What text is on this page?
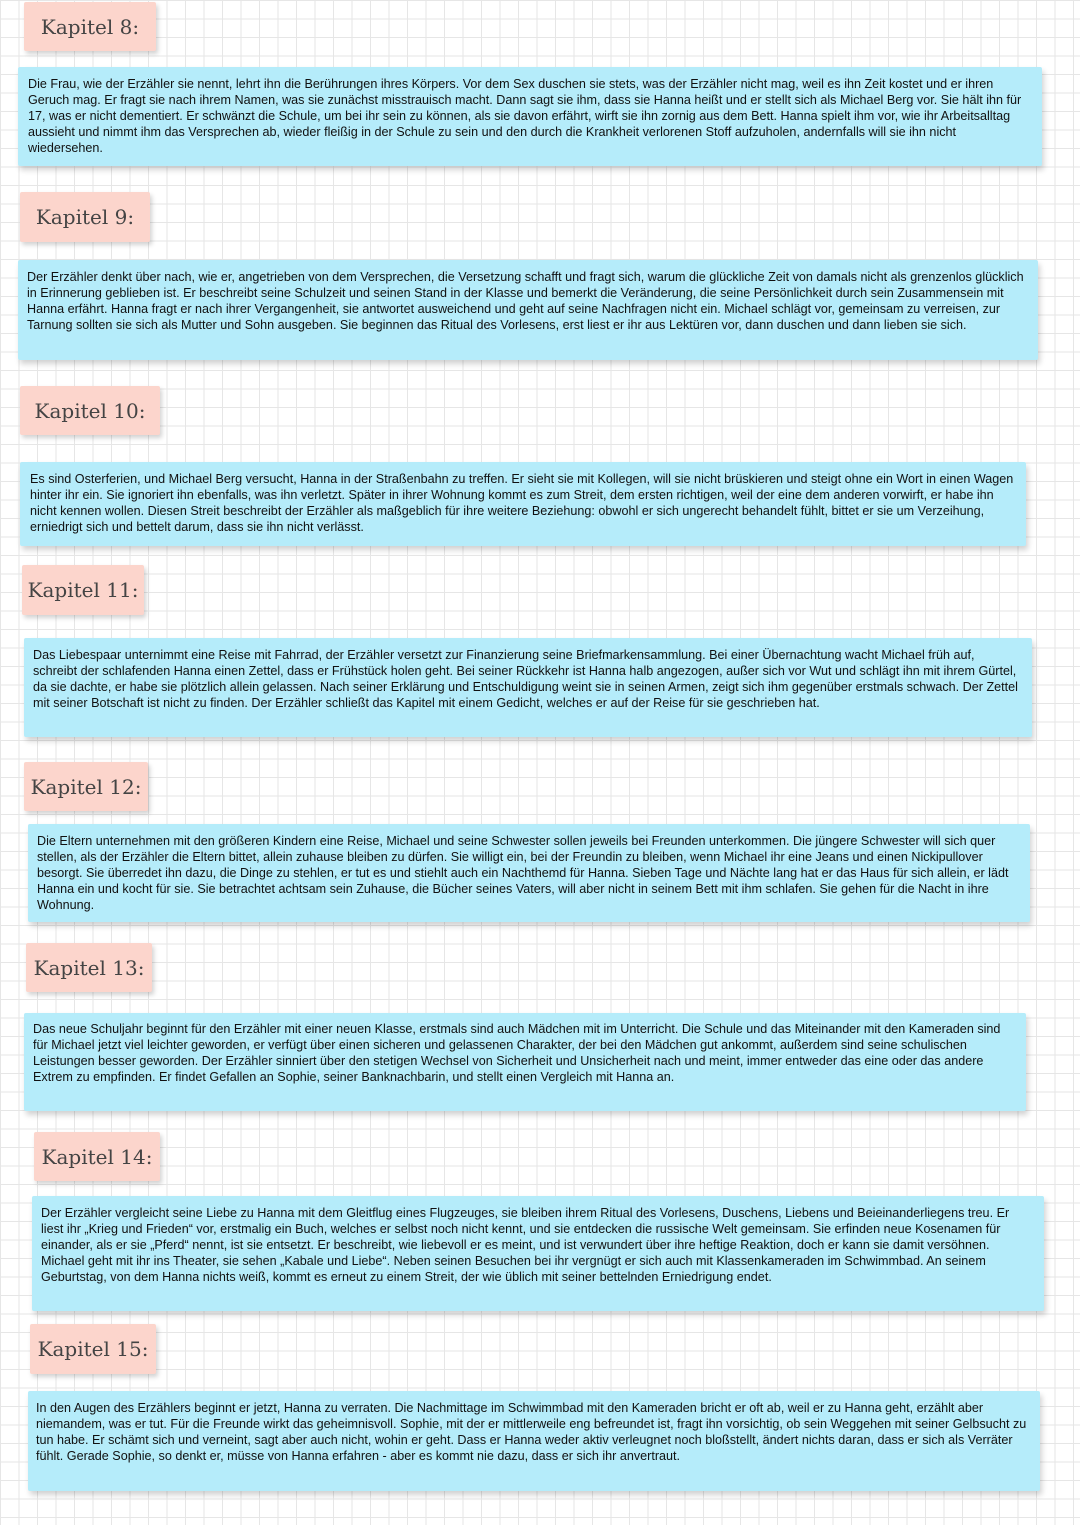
Kapitel 8:

Die Frau, wie der Erzähler sie nennt, lehrt ihn die Berührungen ihres Körpers. Vor dem Sex duschen sie stets, was der Erzähler nicht mag, weil es ihn Zeit kostet und er ihren Geruch mag. Er fragt sie nach ihrem Namen, was sie zunächst misstrauisch macht. Dann sagt sie ihm, dass sie Hanna heißt und er stellt sich als Michael Berg vor. Sie hält ihn für 17, was er nicht dementiert. Er schwänzt die Schule, um bei ihr sein zu können, als sie davon erfährt, wirft sie ihn zornig aus dem Bett. Hanna spielt ihm vor, wie ihr Arbeitsalltag aussieht und nimmt ihm das Versprechen ab, wieder fleißig in der Schule zu sein und den durch die Krankheit verlorenen Stoff aufzuholen, andernfalls will sie ihn nicht wiedersehen.

Kapitel 9:

Der Erzähler denkt über nach, wie er, angetrieben von dem Versprechen, die Versetzung schafft und fragt sich, warum die glückliche Zeit von damals nicht als grenzenlos glücklich in Erinnerung geblieben ist. Er beschreibt seine Schulzeit und seinen Stand in der Klasse und bemerkt die Veränderung, die seine Persönlichkeit durch sein Zusammensein mit Hanna erfährt. Hanna fragt er nach ihrer Vergangenheit, sie antwortet ausweichend und geht auf seine Nachfragen nicht ein. Michael schlägt vor, gemeinsam zu verreisen, zur Tarnung sollten sie sich als Mutter und Sohn ausgeben. Sie beginnen das Ritual des Vorlesens, erst liest er ihr aus Lektüren vor, dann duschen und dann lieben sie sich.

Kapitel 10:

Es sind Osterferien, und Michael Berg versucht, Hanna in der Straßenbahn zu treffen. Er sieht sie mit Kollegen, will sie nicht brüskieren und steigt ohne ein Wort in einen Wagen hinter ihr ein. Sie ignoriert ihn ebenfalls, was ihn verletzt. Später in ihrer Wohnung kommt es zum Streit, dem ersten richtigen, weil der eine dem anderen vorwirft, er habe ihn nicht kennen wollen. Diesen Streit beschreibt der Erzähler als maßgeblich für ihre weitere Beziehung: obwohl er sich ungerecht behandelt fühlt, bittet er sie um Verzeihung, erniedrigt sich und bettelt darum, dass sie ihn nicht verlässt.

Kapitel 11:

Das Liebespaar unternimmt eine Reise mit Fahrrad, der Erzähler versetzt zur Finanzierung seine Briefmarkensammlung. Bei einer Übernachtung wacht Michael früh auf, schreibt der schlafenden Hanna einen Zettel, dass er Frühstück holen geht. Bei seiner Rückkehr ist Hanna halb angezogen, außer sich vor Wut und schlägt ihn mit ihrem Gürtel, da sie dachte, er habe sie plötzlich allein gelassen. Nach seiner Erklärung und Entschuldigung weint sie in seinen Armen, zeigt sich ihm gegenüber erstmals schwach. Der Zettel mit seiner Botschaft ist nicht zu finden. Der Erzähler schließt das Kapitel mit einem Gedicht, welches er auf der Reise für sie geschrieben hat.

Kapitel 12:

Die Eltern unternehmen mit den größeren Kindern eine Reise, Michael und seine Schwester sollen jeweils bei Freunden unterkommen. Die jüngere Schwester will sich quer stellen, als der Erzähler die Eltern bittet, allein zuhause bleiben zu dürfen. Sie willigt ein, bei der Freundin zu bleiben, wenn Michael ihr eine Jeans und einen Nickipullover besorgt. Sie überredet ihn dazu, die Dinge zu stehlen, er tut es und stiehlt auch ein Nachthemd für Hanna. Sieben Tage und Nächte lang hat er das Haus für sich allein, er lädt Hanna ein und kocht für sie. Sie betrachtet achtsam sein Zuhause, die Bücher seines Vaters, will aber nicht in seinem Bett mit ihm schlafen. Sie gehen für die Nacht in ihre Wohnung.

Kapitel 13:

Das neue Schuljahr beginnt für den Erzähler mit einer neuen Klasse, erstmals sind auch Mädchen mit im Unterricht. Die Schule und das Miteinander mit den Kameraden sind für Michael jetzt viel leichter geworden, er verfügt über einen sicheren und gelassenen Charakter, der bei den Mädchen gut ankommt, außerdem sind seine schulischen Leistungen besser geworden. Der Erzähler sinniert über den stetigen Wechsel von Sicherheit und Unsicherheit nach und meint, immer entweder das eine oder das andere Extrem zu empfinden. Er findet Gefallen an Sophie, seiner Banknachbarin, und stellt einen Vergleich mit Hanna an.

Kapitel 14:

Der Erzähler vergleicht seine Liebe zu Hanna mit dem Gleitflug eines Flugzeuges, sie bleiben ihrem Ritual des Vorlesens, Duschens, Liebens und Beieinanderliegens treu. Er liest ihr „Krieg und Frieden“ vor, erstmalig ein Buch, welches er selbst noch nicht kennt, und sie entdecken die russische Welt gemeinsam. Sie erfinden neue Kosenamen für einander, als er sie „Pferd“ nennt, ist sie entsetzt. Er beschreibt, wie liebevoll er es meint, und ist verwundert über ihre heftige Reaktion, doch er kann sie damit versöhnen. Michael geht mit ihr ins Theater, sie sehen „Kabale und Liebe“. Neben seinen Besuchen bei ihr vergnügt er sich auch mit Klassenkameraden im Schwimmbad. An seinem Geburtstag, von dem Hanna nichts weiß, kommt es erneut zu einem Streit, der wie üblich mit seiner bettelnden Erniedrigung endet.

Kapitel 15:

In den Augen des Erzählers beginnt er jetzt, Hanna zu verraten. Die Nachmittage im Schwimmbad mit den Kameraden bricht er oft ab, weil er zu Hanna geht, erzählt aber niemandem, was er tut. Für die Freunde wirkt das geheimnisvoll. Sophie, mit der er mittlerweile eng befreundet ist, fragt ihn vorsichtig, ob sein Weggehen mit seiner Gelbsucht zu tun habe. Er schämt sich und verneint, sagt aber auch nicht, wohin er geht. Dass er Hanna weder aktiv verleugnet noch bloßstellt, ändert nichts daran, dass er sich als Verräter fühlt. Gerade Sophie, so denkt er, müsse von Hanna erfahren - aber es kommt nie dazu, dass er sich ihr anvertraut.
